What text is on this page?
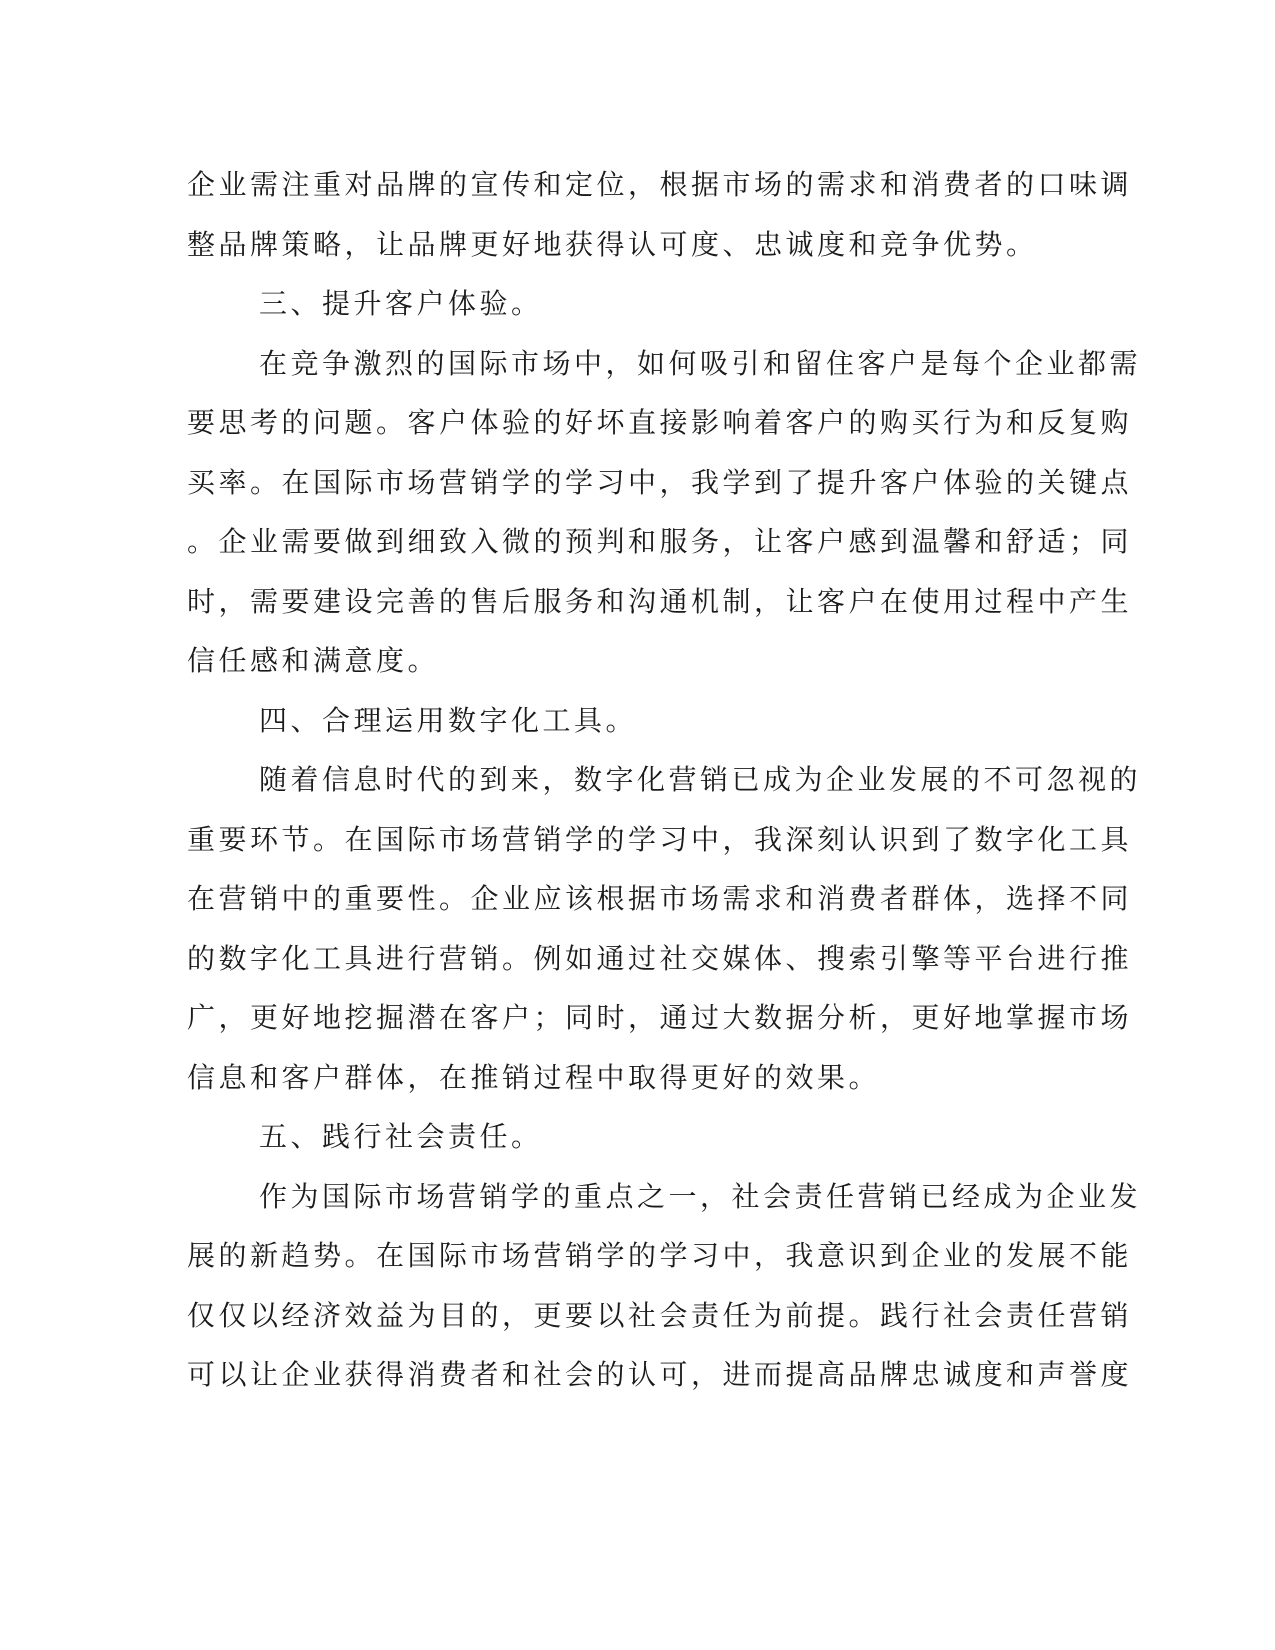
企业需注重对品牌的宣传和定位，根据市场的需求和消费者的口味调
整品牌策略，让品牌更好地获得认可度、忠诚度和竞争优势。
三、提升客户体验。
在竞争激烈的国际市场中，如何吸引和留住客户是每个企业都需
要思考的问题。客户体验的好坏直接影响着客户的购买行为和反复购
买率。在国际市场营销学的学习中，我学到了提升客户体验的关键点
。企业需要做到细致入微的预判和服务，让客户感到温馨和舒适；同
时，需要建设完善的售后服务和沟通机制，让客户在使用过程中产生
信任感和满意度。
四、合理运用数字化工具。
随着信息时代的到来，数字化营销已成为企业发展的不可忽视的
重要环节。在国际市场营销学的学习中，我深刻认识到了数字化工具
在营销中的重要性。企业应该根据市场需求和消费者群体，选择不同
的数字化工具进行营销。例如通过社交媒体、搜索引擎等平台进行推
广，更好地挖掘潜在客户；同时，通过大数据分析，更好地掌握市场
信息和客户群体，在推销过程中取得更好的效果。
五、践行社会责任。
作为国际市场营销学的重点之一，社会责任营销已经成为企业发
展的新趋势。在国际市场营销学的学习中，我意识到企业的发展不能
仅仅以经济效益为目的，更要以社会责任为前提。践行社会责任营销
可以让企业获得消费者和社会的认可，进而提高品牌忠诚度和声誉度
